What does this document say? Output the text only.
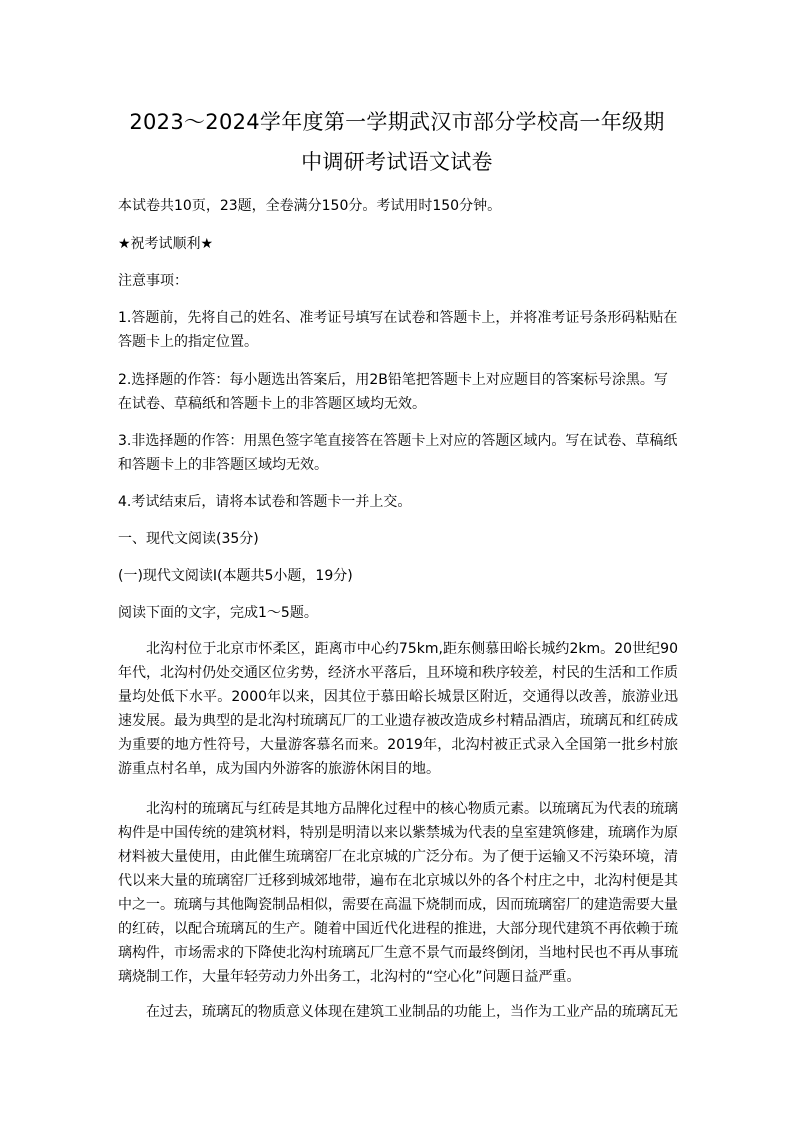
2023～2024学年度第一学期武汉市部分学校高一年级期
中调研考试语文试卷

本试卷共10页，23题，全卷满分150分。考试用时150分钟。

★祝考试顺利★

注意事项：

1.答题前，先将自己的姓名、准考证号填写在试卷和答题卡上，并将准考证号条形码粘贴在答题卡上的指定位置。

2.选择题的作答：每小题选出答案后，用2B铅笔把答题卡上对应题目的答案标号涂黑。写在试卷、草稿纸和答题卡上的非答题区域均无效。

3.非选择题的作答：用黑色签字笔直接答在答题卡上对应的答题区域内。写在试卷、草稿纸和答题卡上的非答题区域均无效。

4.考试结束后，请将本试卷和答题卡一并上交。

一、现代文阅读(35分)

(一)现代文阅读Ⅰ(本题共5小题，19分)

阅读下面的文字，完成1～5题。

北沟村位于北京市怀柔区，距离市中心约75km,距东侧慕田峪长城约2km。20世纪90年代，北沟村仍处交通区位劣势，经济水平落后，且环境和秩序较差，村民的生活和工作质量均处低下水平。2000年以来，因其位于慕田峪长城景区附近，交通得以改善，旅游业迅速发展。最为典型的是北沟村琉璃瓦厂的工业遗存被改造成乡村精品酒店，琉璃瓦和红砖成为重要的地方性符号，大量游客慕名而来。2019年，北沟村被正式录入全国第一批乡村旅游重点村名单，成为国内外游客的旅游休闲目的地。

北沟村的琉璃瓦与红砖是其地方品牌化过程中的核心物质元素。以琉璃瓦为代表的琉璃构件是中国传统的建筑材料，特别是明清以来以紫禁城为代表的皇室建筑修建，琉璃作为原材料被大量使用，由此催生琉璃窑厂在北京城的广泛分布。为了便于运输又不污染环境，清代以来大量的琉璃窑厂迁移到城郊地带，遍布在北京城以外的各个村庄之中，北沟村便是其中之一。琉璃与其他陶瓷制品相似，需要在高温下烧制而成，因而琉璃窑厂的建造需要大量的红砖，以配合琉璃瓦的生产。随着中国近代化进程的推进，大部分现代建筑不再依赖于琉璃构件，市场需求的下降使北沟村琉璃瓦厂生意不景气而最终倒闭，当地村民也不再从事琉璃烧制工作，大量年轻劳动力外出务工，北沟村的“空心化”问题日益严重。

在过去，琉璃瓦的物质意义体现在建筑工业制品的功能上，当作为工业产品的琉璃瓦无
